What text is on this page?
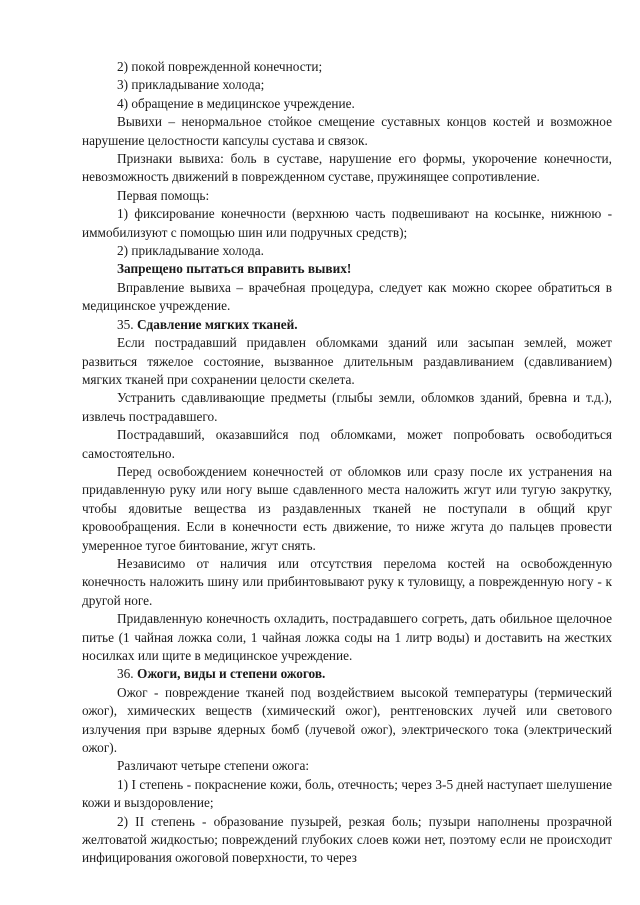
2) покой поврежденной конечности;

3) прикладывание холода;

4) обращение в медицинское учреждение.

Вывихи – ненормальное стойкое смещение суставных концов костей и возможное нарушение целостности капсулы сустава и связок.

Признаки вывиха: боль в суставе, нарушение его формы, укорочение конечности, невозможность движений в поврежденном суставе, пружинящее сопротивление.

Первая помощь:

1) фиксирование конечности (верхнюю часть подвешивают на косынке, нижнюю - иммобилизуют с помощью шин или подручных средств);

2) прикладывание холода.

Запрещено пытаться вправить вывих!

Вправление вывиха – врачебная процедура, следует как можно скорее обратиться в медицинское учреждение.

35. Сдавление мягких тканей.

Если пострадавший придавлен обломками зданий или засыпан землей, может развиться тяжелое состояние, вызванное длительным раздавливанием (сдавливанием) мягких тканей при сохранении целости скелета.

Устранить сдавливающие предметы (глыбы земли, обломков зданий, бревна и т.д.), извлечь пострадавшего.

Пострадавший, оказавшийся под обломками, может попробовать освободиться самостоятельно.

Перед освобождением конечностей от обломков или сразу после их устранения на придавленную руку или ногу выше сдавленного места наложить жгут или тугую закрутку, чтобы ядовитые вещества из раздавленных тканей не поступали в общий круг кровообращения. Если в конечности есть движение, то ниже жгута до пальцев провести умеренное тугое бинтование, жгут снять.

Независимо от наличия или отсутствия перелома костей на освобожденную конечность наложить шину или прибинтовывают руку к туловищу, а поврежденную ногу - к другой ноге.

Придавленную конечность охладить, пострадавшего согреть, дать обильное щелочное питье (1 чайная ложка соли, 1 чайная ложка соды на 1 литр воды) и доставить на жестких носилках или щите в медицинское учреждение.

36. Ожоги, виды и степени ожогов.

Ожог - повреждение тканей под воздействием высокой температуры (термический ожог), химических веществ (химический ожог), рентгеновских лучей или светового излучения при взрыве ядерных бомб (лучевой ожог), электрического тока (электрический ожог).

Различают четыре степени ожога:

1) I степень - покраснение кожи, боль, отечность; через 3-5 дней наступает шелушение кожи и выздоровление;

2) II степень - образование пузырей, резкая боль; пузыри наполнены прозрачной желтоватой жидкостью; повреждений глубоких слоев кожи нет, поэтому если не происходит инфицирования ожоговой поверхности, то через
